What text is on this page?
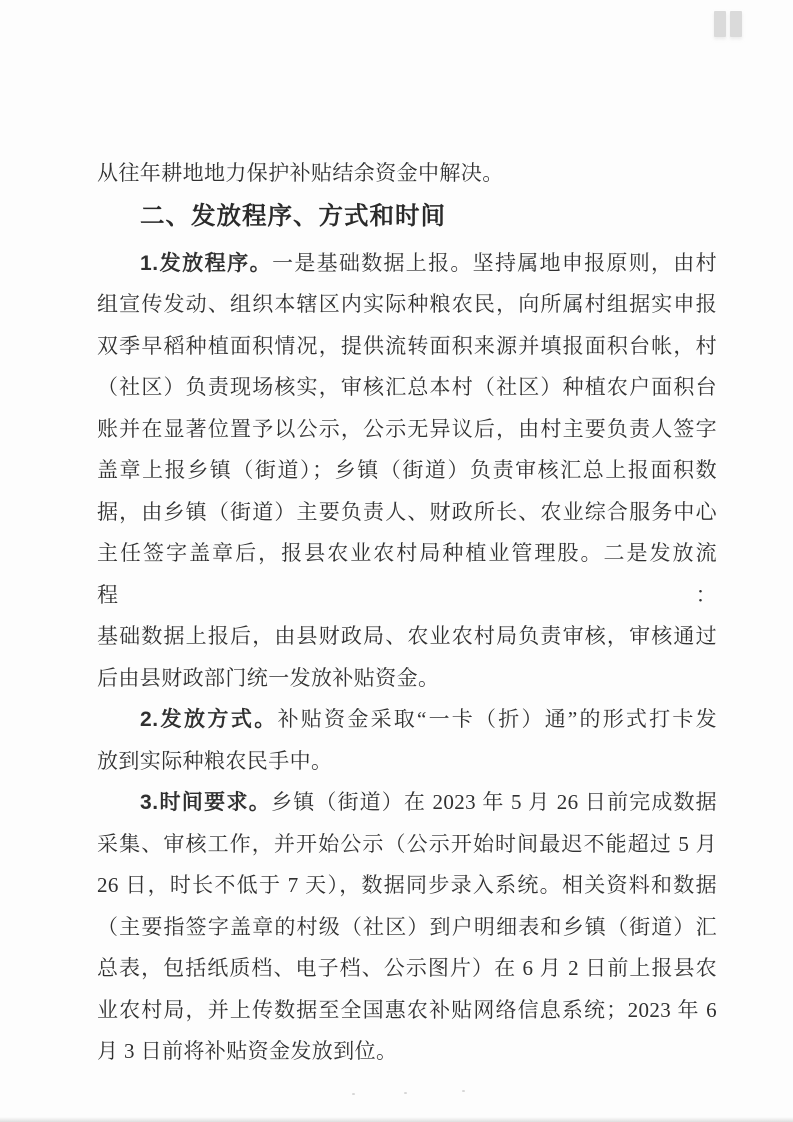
从往年耕地地力保护补贴结余资金中解决。
二、发放程序、方式和时间
1.发放程序。一是基础数据上报。坚持属地申报原则，由村
组宣传发动、组织本辖区内实际种粮农民，向所属村组据实申报
双季早稻种植面积情况，提供流转面积来源并填报面积台帐，村
（社区）负责现场核实，审核汇总本村（社区）种植农户面积台
账并在显著位置予以公示，公示无异议后，由村主要负责人签字
盖章上报乡镇（街道）；乡镇（街道）负责审核汇总上报面积数
据，由乡镇（街道）主要负责人、财政所长、农业综合服务中心
主任签字盖章后，报县农业农村局种植业管理股。二是发放流程：
基础数据上报后，由县财政局、农业农村局负责审核，审核通过
后由县财政部门统一发放补贴资金。
2.发放方式。补贴资金采取“一卡（折）通”的形式打卡发
放到实际种粮农民手中。
3.时间要求。乡镇（街道）在 2023 年 5 月 26 日前完成数据
采集、审核工作，并开始公示（公示开始时间最迟不能超过 5 月
26 日，时长不低于 7 天），数据同步录入系统。相关资料和数据
（主要指签字盖章的村级（社区）到户明细表和乡镇（街道）汇
总表，包括纸质档、电子档、公示图片）在 6 月 2 日前上报县农
业农村局，并上传数据至全国惠农补贴网络信息系统；2023 年 6
月 3 日前将补贴资金发放到位。
